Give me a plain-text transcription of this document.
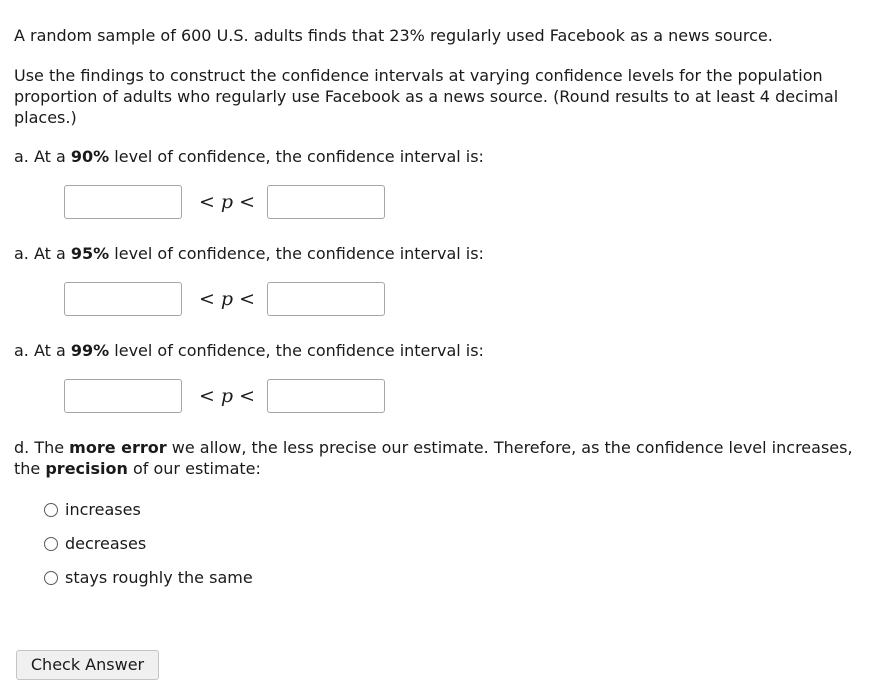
A random sample of 600 U.S. adults finds that 23% regularly used Facebook as a news source.

Use the findings to construct the confidence intervals at varying confidence levels for the population proportion of adults who regularly use Facebook as a news source. (Round results to at least 4 decimal places.)

a. At a 90% level of confidence, the confidence interval is:

< p <

a. At a 95% level of confidence, the confidence interval is:

< p <

a. At a 99% level of confidence, the confidence interval is:

< p <

d. The more error we allow, the less precise our estimate. Therefore, as the confidence level increases, the precision of our estimate:

increases
decreases
stays roughly the same
Check Answer
